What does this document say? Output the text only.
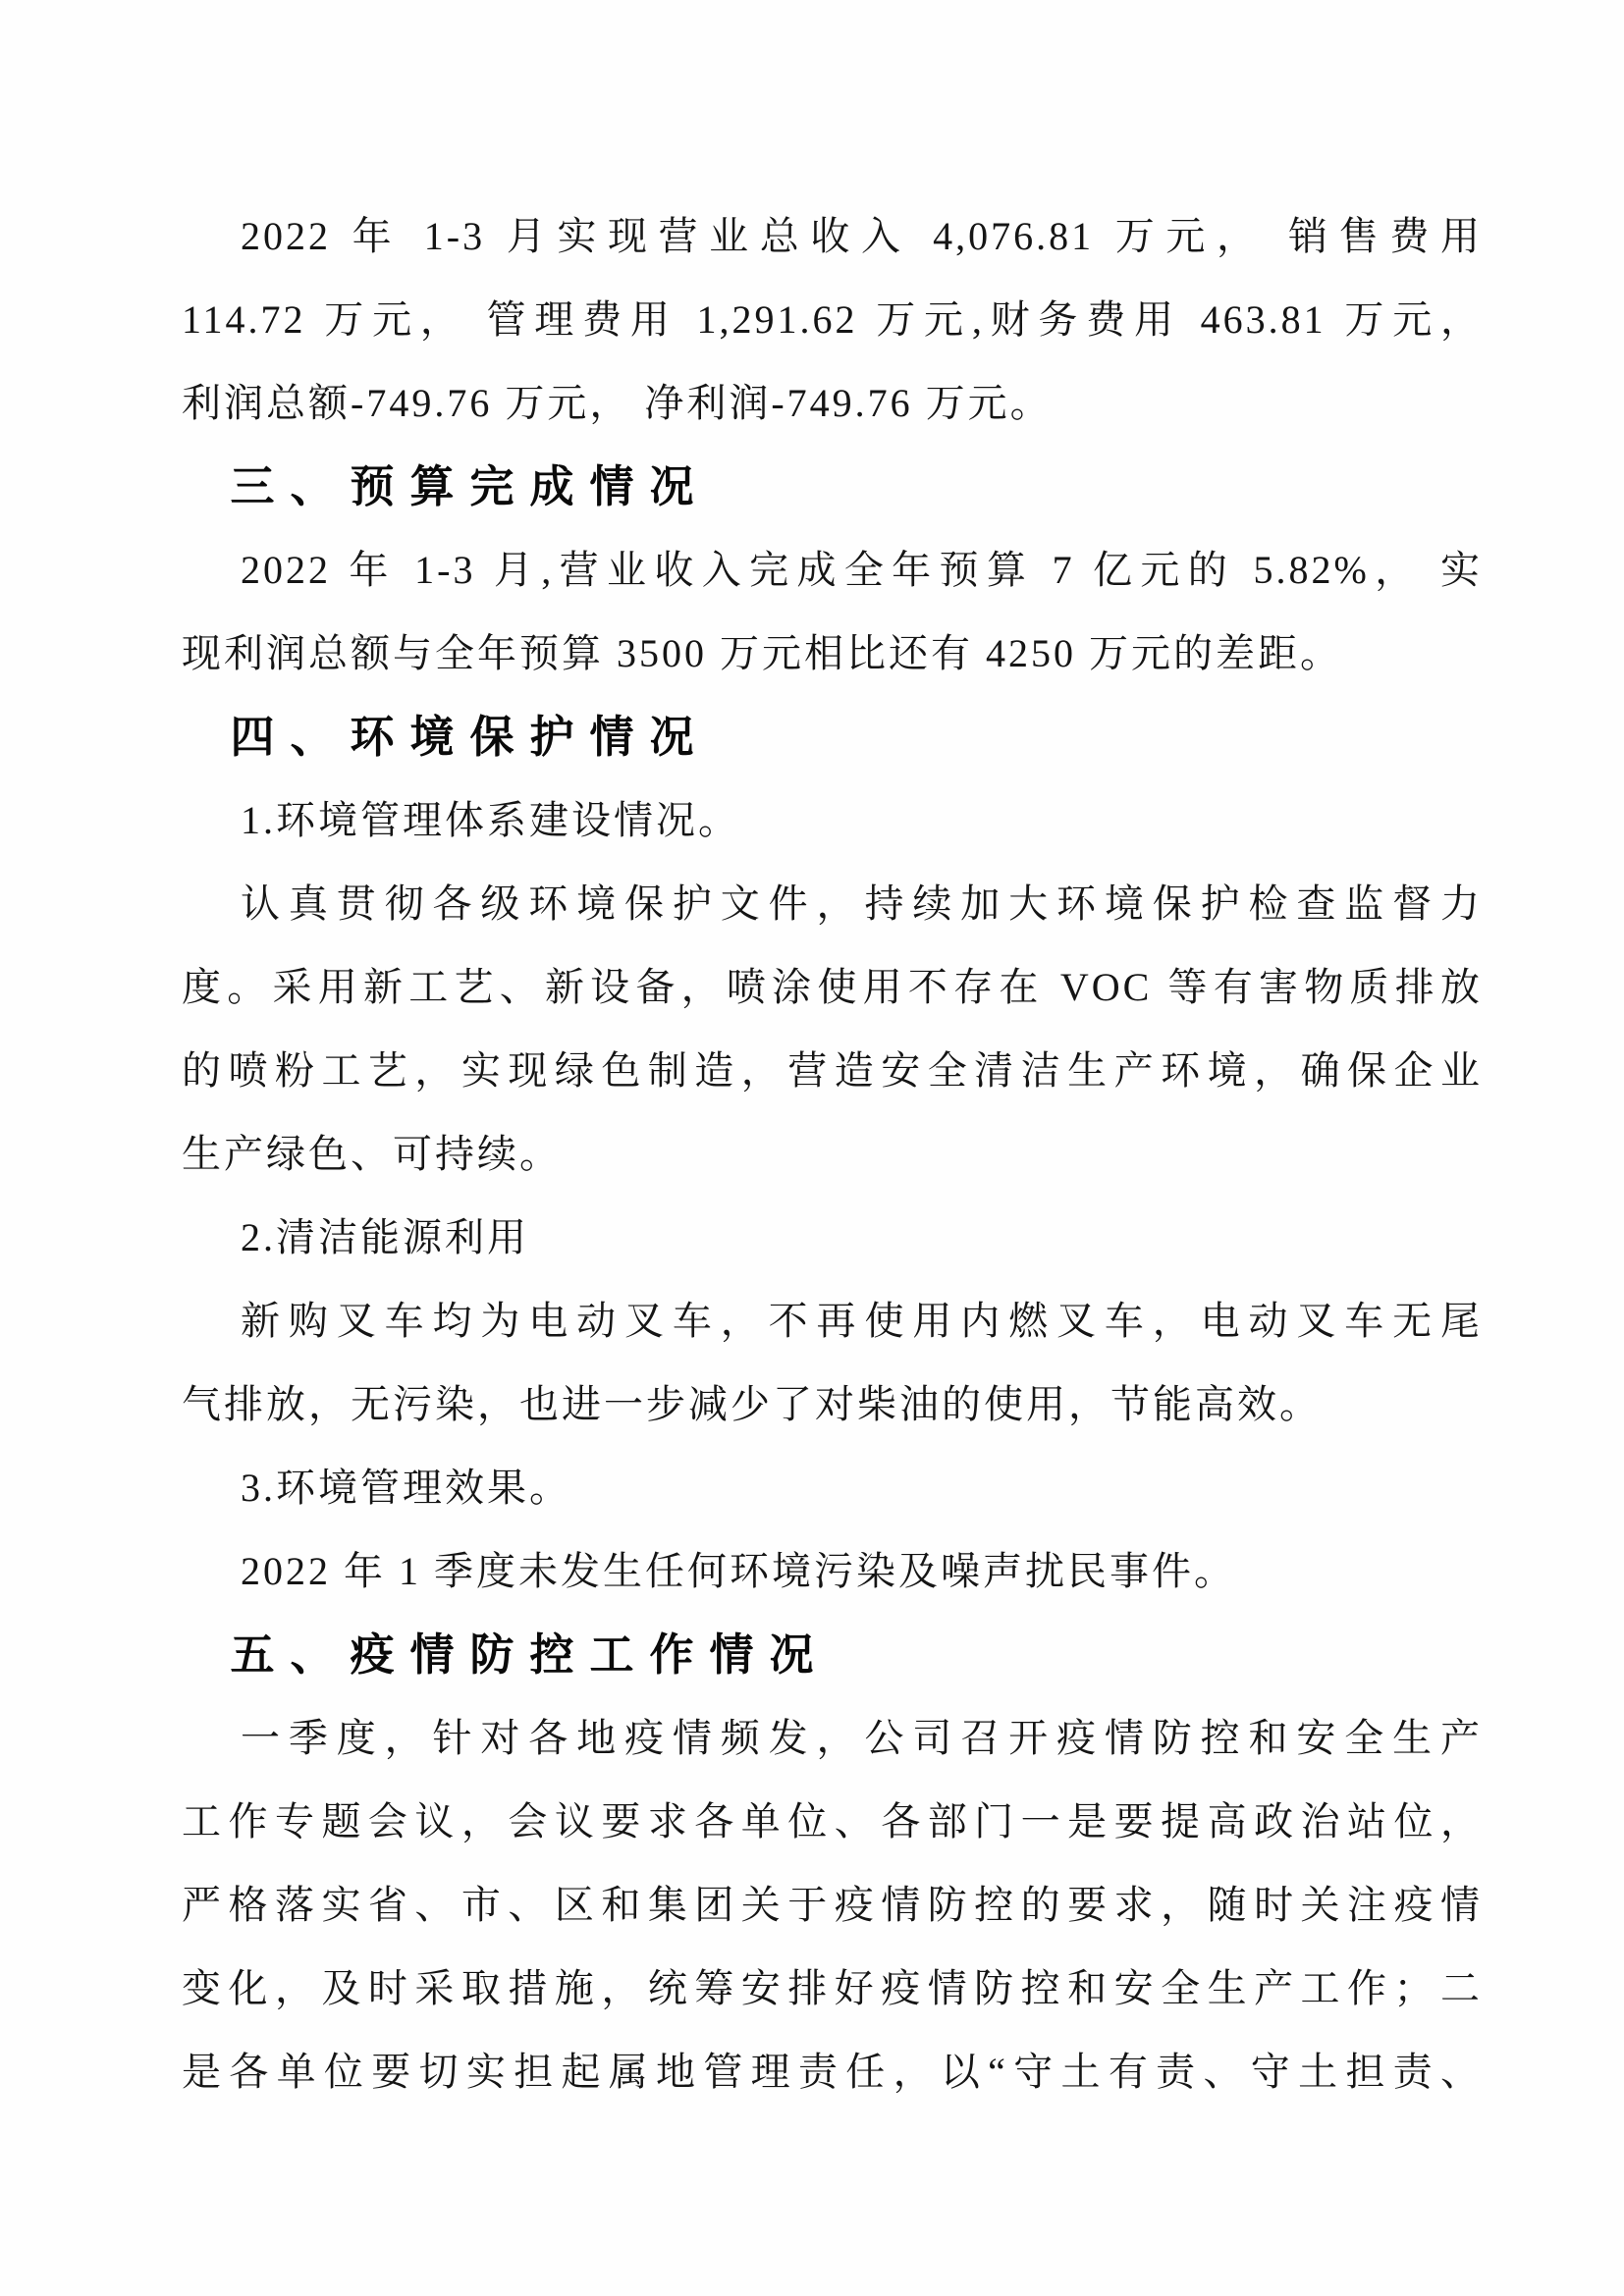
2022 年 1-3 月实现营业总收入 4,076.81 万元， 销售费用
114.72 万元， 管理费用 1,291.62 万元,财务费用 463.81 万元，
利润总额-749.76 万元， 净利润-749.76 万元。
三、预算完成情况
2022 年 1-3 月,营业收入完成全年预算 7 亿元的 5.82%， 实
现利润总额与全年预算 3500 万元相比还有 4250 万元的差距。
四、环境保护情况
1.环境管理体系建设情况。
认真贯彻各级环境保护文件，持续加大环境保护检查监督力
度。采用新工艺、新设备，喷涂使用不存在 VOC 等有害物质排放
的喷粉工艺，实现绿色制造，营造安全清洁生产环境，确保企业
生产绿色、可持续。
2.清洁能源利用
新购叉车均为电动叉车，不再使用内燃叉车，电动叉车无尾
气排放，无污染，也进一步减少了对柴油的使用，节能高效。
3.环境管理效果。
2022 年 1 季度未发生任何环境污染及噪声扰民事件。
五、疫情防控工作情况
一季度，针对各地疫情频发，公司召开疫情防控和安全生产
工作专题会议，会议要求各单位、各部门一是要提高政治站位，
严格落实省、市、区和集团关于疫情防控的要求，随时关注疫情
变化，及时采取措施，统筹安排好疫情防控和安全生产工作；二
是各单位要切实担起属地管理责任，以“守土有责、守土担责、
